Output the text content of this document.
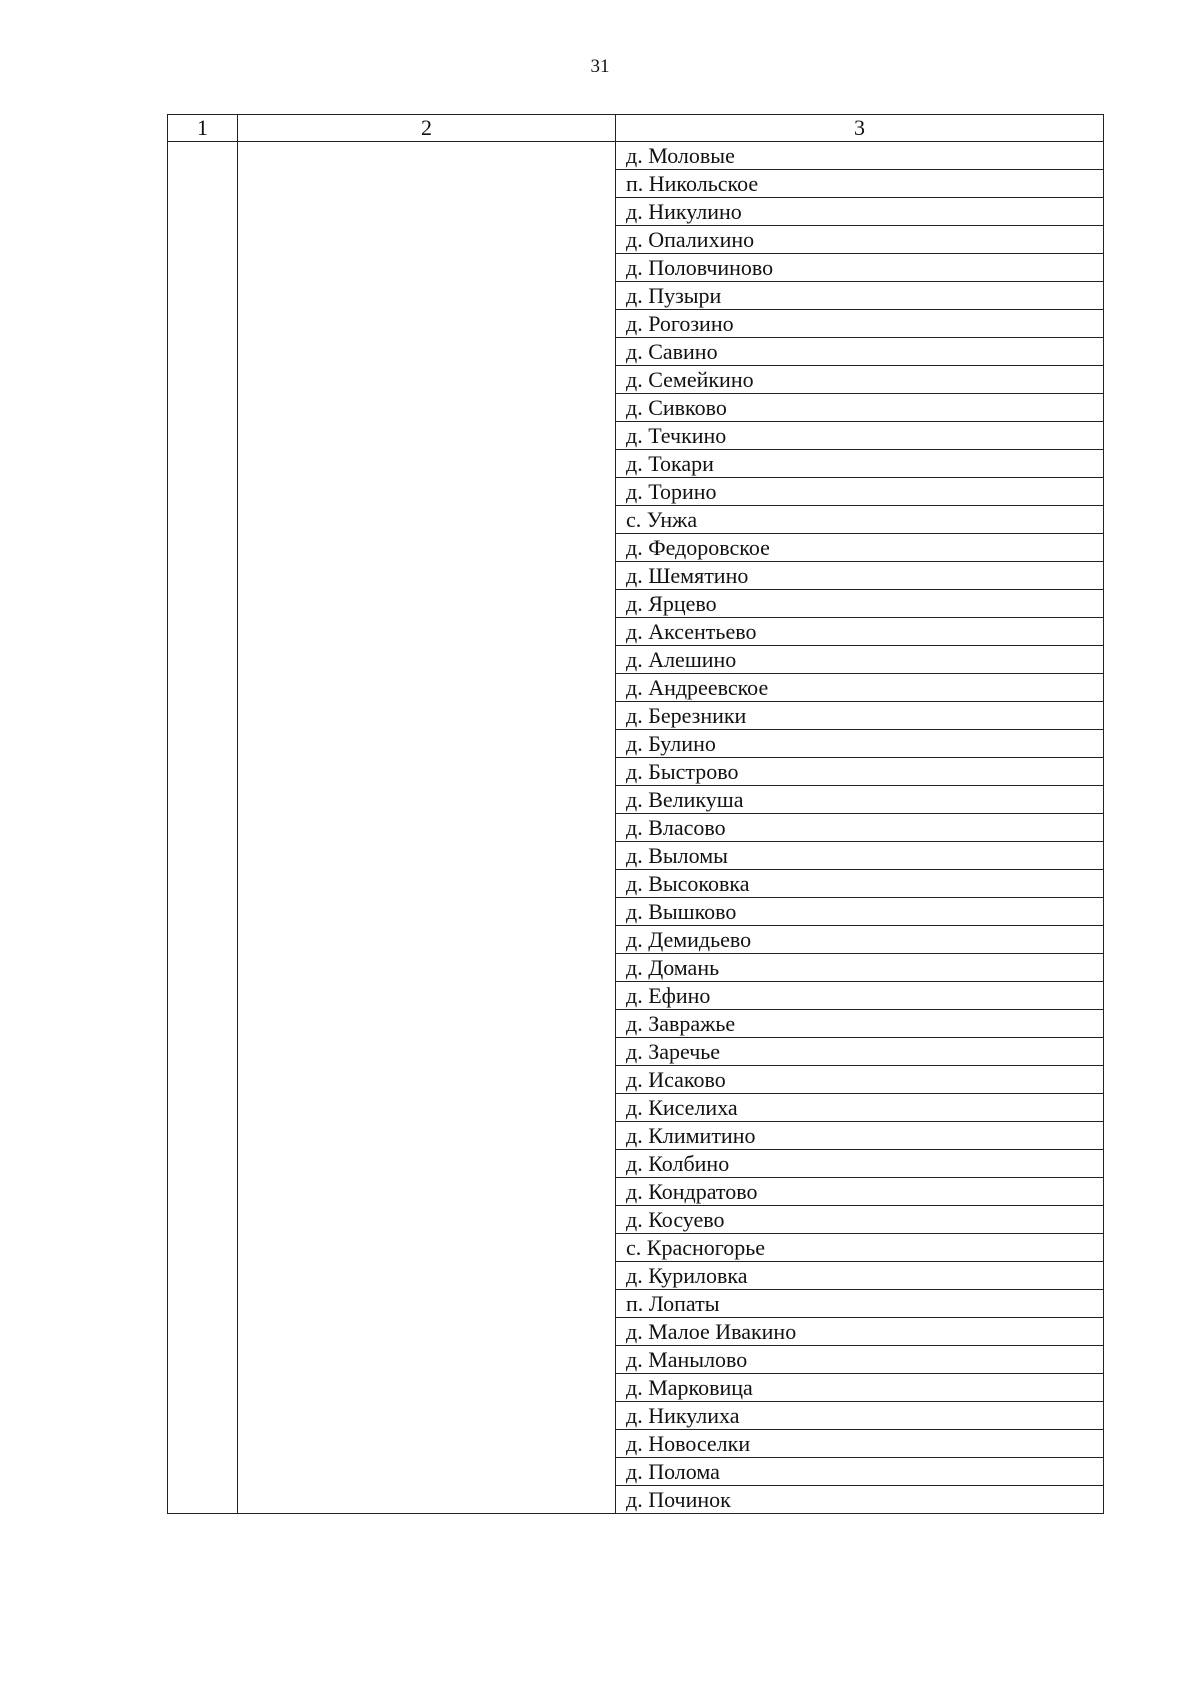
31
1	2	3
		д. Моловые
		п. Никольское
		д. Никулино
		д. Опалихино
		д. Половчиново
		д. Пузыри
		д. Рогозино
		д. Савино
		д. Семейкино
		д. Сивково
		д. Течкино
		д. Токари
		д. Торино
		с. Унжа
		д. Федоровское
		д. Шемятино
		д. Ярцево
		д. Аксентьево
		д. Алешино
		д. Андреевское
		д. Березники
		д. Булино
		д. Быстрово
		д. Великуша
		д. Власово
		д. Выломы
		д. Высоковка
		д. Вышково
		д. Демидьево
		д. Домань
		д. Ефино
		д. Завражье
		д. Заречье
		д. Исаково
		д. Киселиха
		д. Климитино
		д. Колбино
		д. Кондратово
		д. Косуево
		с. Красногорье
		д. Куриловка
		п. Лопаты
		д. Малое Ивакино
		д. Манылово
		д. Марковица
		д. Никулиха
		д. Новоселки
		д. Полома
		д. Починок
